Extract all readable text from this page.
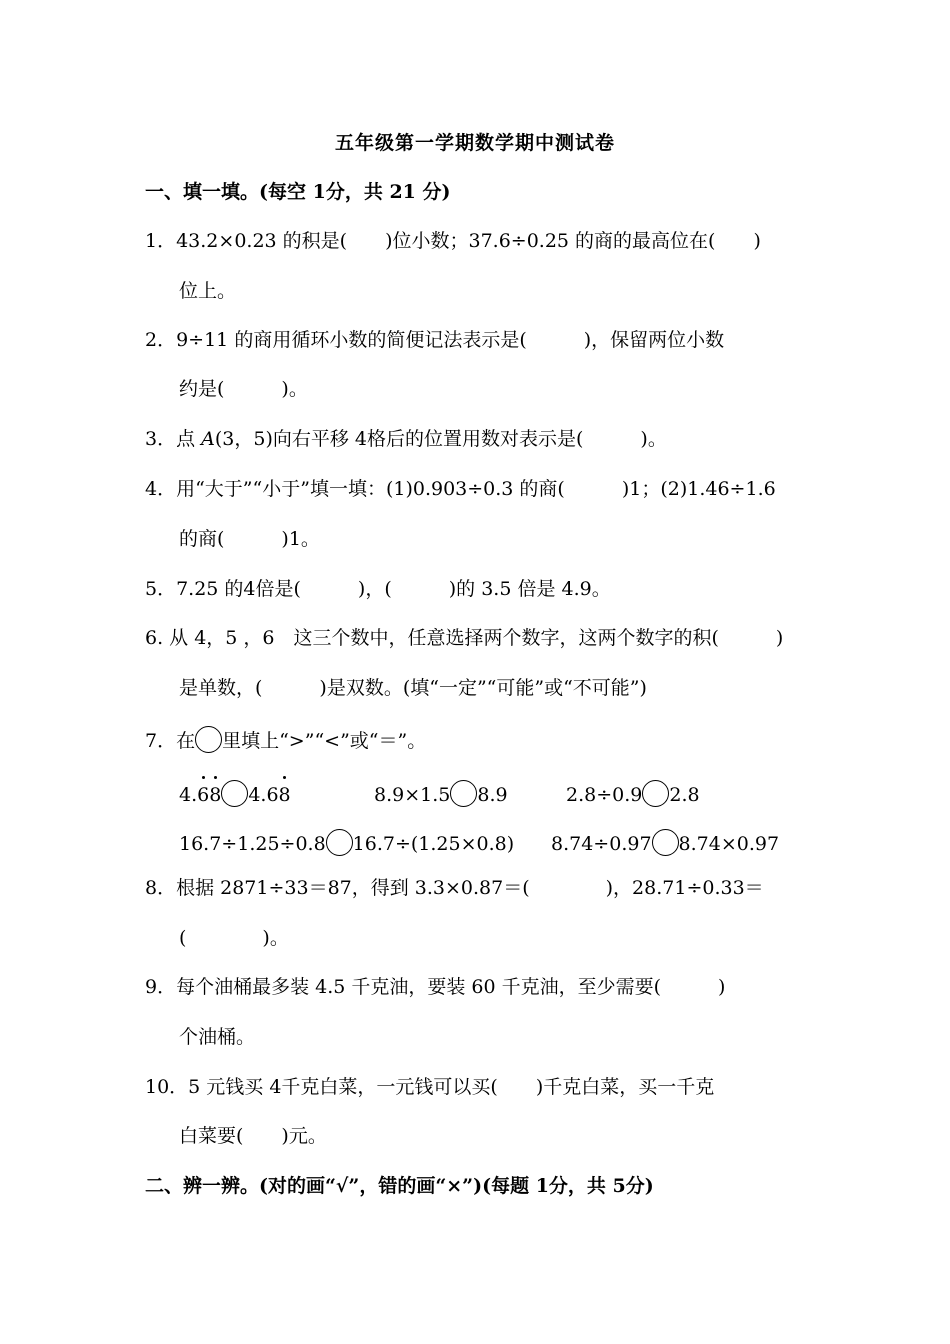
五年级第一学期数学期中测试卷
一、填一填。(每空 1分，共 21 分)
1．43.2×0.23 的积是(　　)位小数；37.6÷0.25 的商的最高位在(　　)
位上。
2．9÷11 的商用循环小数的简便记法表示是(　　　)，保留两位小数
约是(　　　)。
3．点 A(3，5)向右平移 4格后的位置用数对表示是(　　　)。
4．用“大于”“小于”填一填：(1)0.903÷0.3 的商(　　　)1；(2)1.46÷1.6
的商(　　　)1。
5．7.25 的4倍是(　　　)，(　　　)的 3.5 倍是 4.9。
6. 从 4，5 ，6　这三个数中，任意选择两个数字，这两个数字的积(　　　)
是单数，(　　　)是双数。(填“一定”“可能”或“不可能”)
7．在 里填上“>”“<”或“＝”。
4.68 4.68	8.9×1.5 8.9	2.8÷0.9 2.8
16.7÷1.25÷0.8 16.7÷(1.25×0.8) 8.74÷0.97 8.74×0.97
8．根据 2871÷33＝87，得到 3.3×0.87＝(　　　　)，28.71÷0.33＝
(　　　　)。
9．每个油桶最多装 4.5 千克油，要装 60 千克油，至少需要(　　　)
个油桶。
10．5 元钱买 4千克白菜，一元钱可以买(　　)千克白菜，买一千克
白菜要(　　)元。
二、辨一辨。(对的画“√”，错的画“×”)(每题 1分，共 5分)
